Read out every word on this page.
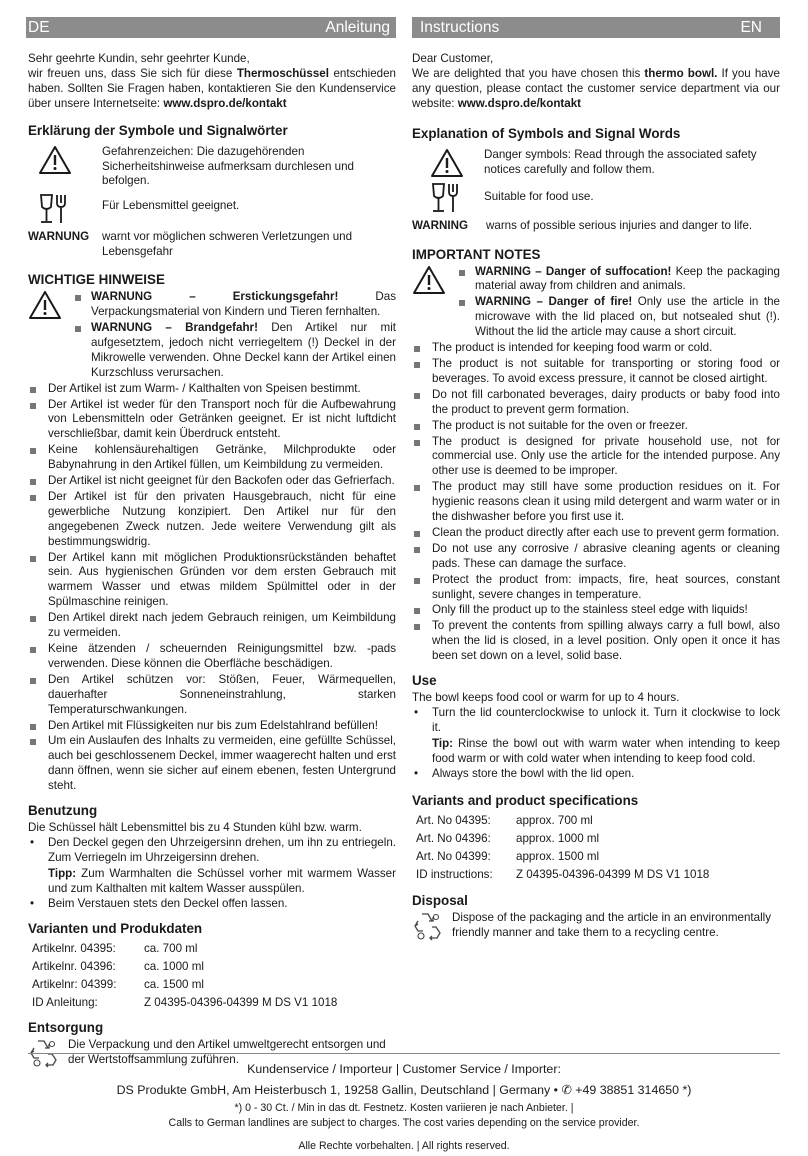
DE	Anleitung

Sehr geehrte Kundin, sehr geehrter Kunde,

wir freuen uns, dass Sie sich für diese Thermoschüssel entschieden haben. Sollten Sie Fragen haben, kontaktieren Sie den Kundenservice über unsere Internetseite: www.dspro.de/kontakt

Erklärung der Symbole und Signalwörter
Gefahrenzeichen: Die dazugehörenden Sicherheitshinweise aufmerksam durchlesen und befolgen.
Für Lebensmittel geeignet.
WARNUNG	warnt vor möglichen schweren Verletzungen und Lebensgefahr
WICHTIGE HINWEISE
WARNUNG – Erstickungsgefahr! Das Verpackungsmaterial von Kindern und Tieren fernhalten.
WARNUNG – Brandgefahr! Den Artikel nur mit aufgesetztem, jedoch nicht verriegeltem (!) Deckel in der Mikrowelle verwenden. Ohne Deckel kann der Artikel einen Kurzschluss verursachen.
Der Artikel ist zum Warm- / Kalthalten von Speisen bestimmt.
Der Artikel ist weder für den Transport noch für die Aufbewahrung von Lebensmitteln oder Getränken geeignet. Er ist nicht luftdicht verschließbar, damit kein Überdruck entsteht.
Keine kohlensäurehaltigen Getränke, Milchprodukte oder Babynahrung in den Artikel füllen, um Keimbildung zu vermeiden.
Der Artikel ist nicht geeignet für den Backofen oder das Gefrierfach.
Der Artikel ist für den privaten Hausgebrauch, nicht für eine gewerbliche Nutzung konzipiert. Den Artikel nur für den angegebenen Zweck nutzen. Jede weitere Verwendung gilt als bestimmungswidrig.
Der Artikel kann mit möglichen Produktionsrückständen behaftet sein. Aus hygienischen Gründen vor dem ersten Gebrauch mit warmem Wasser und etwas mildem Spülmittel oder in der Spülmaschine reinigen.
Den Artikel direkt nach jedem Gebrauch reinigen, um Keimbildung zu vermeiden.
Keine ätzenden / scheuernden Reinigungsmittel bzw. -pads verwenden. Diese können die Oberfläche beschädigen.
Den Artikel schützen vor: Stößen, Feuer, Wärmequellen, dauerhafter Sonneneinstrahlung, starken Temperaturschwankungen.
Den Artikel mit Flüssigkeiten nur bis zum Edelstahlrand befüllen!
Um ein Auslaufen des Inhalts zu vermeiden, eine gefüllte Schüssel, auch bei geschlossenem Deckel, immer waagerecht halten und erst dann öffnen, wenn sie sicher auf einem ebenen, festen Untergrund steht.
Benutzung

Die Schüssel hält Lebensmittel bis zu 4 Stunden kühl bzw. warm.

• Den Deckel gegen den Uhrzeigersinn drehen, um ihn zu entriegeln. Zum Verriegeln im Uhrzeigersinn drehen.

Tipp: Zum Warmhalten die Schüssel vorher mit warmem Wasser und zum Kalthalten mit kaltem Wasser ausspülen.

• Beim Verstauen stets den Deckel offen lassen.
Varianten und Produkdaten
Artikelnr. 04395:	ca. 700 ml
Artikelnr. 04396:	ca. 1000 ml
Artikelnr: 04399:	ca. 1500 ml
ID Anleitung:	Z 04395-04396-04399 M DS V1 1018
Entsorgung
Die Verpackung und den Artikel umweltgerecht entsorgen und der Wertstoffsammlung zuführen.
Instructions	EN

Dear Customer,

We are delighted that you have chosen this thermo bowl. If you have any question, please contact the customer service department via our website: www.dspro.de/kontakt

Explanation of Symbols and Signal Words
Danger symbols: Read through the associated safety notices carefully and follow them.
Suitable for food use.
WARNING	warns of possible serious injuries and danger to life.
IMPORTANT NOTES
WARNING – Danger of suffocation! Keep the packaging material away from children and animals.
WARNING – Danger of fire! Only use the article in the microwave with the lid placed on, but notsealed shut (!). Without the lid the article may cause a short circuit.
The product is intended for keeping food warm or cold.
The product is not suitable for transporting or storing food or beverages. To avoid excess pressure, it cannot be closed airtight.
Do not fill carbonated beverages, dairy products or baby food into the product to prevent germ formation.
The product is not suitable for the oven or freezer.
The product is designed for private household use, not for commercial use. Only use the article for the intended purpose. Any other use is deemed to be improper.
The product may still have some production residues on it. For hygienic reasons clean it using mild detergent and warm water or in the dishwasher before you first use it.
Clean the product directly after each use to prevent germ formation.
Do not use any corrosive / abrasive cleaning agents or cleaning pads. These can damage the surface.
Protect the product from: impacts, fire, heat sources, constant sunlight, severe changes in temperature.
Only fill the product up to the stainless steel edge with liquids!
To prevent the contents from spilling always carry a full bowl, also when the lid is closed, in a level position. Only open it once it has been set down on a level, solid base.
Use

The bowl keeps food cool or warm for up to 4 hours.

• Turn the lid counterclockwise to unlock it. Turn it clockwise to lock it.

Tip: Rinse the bowl out with warm water when intending to keep food warm or with cold water when intending to keep food cold.

• Always store the bowl with the lid open.
Variants and product specifications
Art. No 04395:	approx. 700 ml
Art. No 04396:	approx. 1000 ml
Art. No 04399:	approx. 1500 ml
ID instructions:	Z 04395-04396-04399 M DS V1 1018
Disposal
Dispose of the packaging and the article in an environmentally friendly manner and take them to a recycling centre.
Kundenservice / Importeur | Customer Service / Importer:
DS Produkte GmbH, Am Heisterbusch 1, 19258 Gallin, Deutschland | Germany • ✆ +49 38851 314650 *)
*) 0 - 30 Ct. / Min in das dt. Festnetz. Kosten variieren je nach Anbieter. |
Calls to German landlines are subject to charges. The cost varies depending on the service provider.
Alle Rechte vorbehalten. | All rights reserved.
